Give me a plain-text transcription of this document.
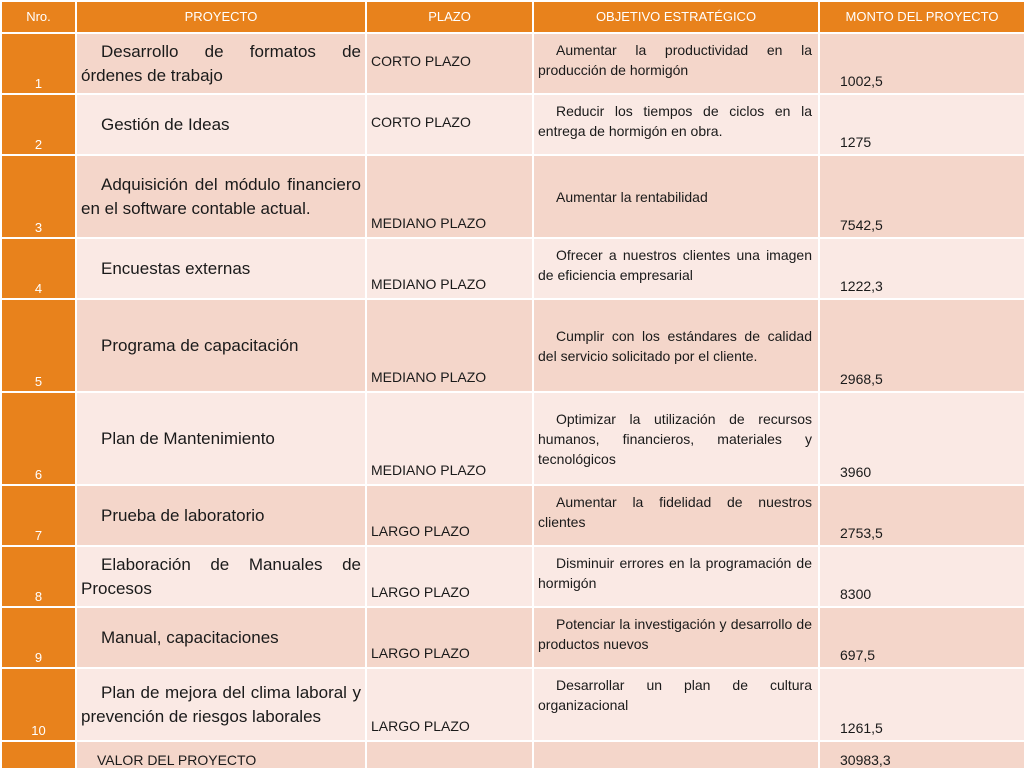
Nro.	PROYECTO	PLAZO	OBJETIVO ESTRATÉGICO	MONTO DEL PROYECTO
1	Desarrollo de formatos de órdenes de trabajo	CORTO PLAZO	Aumentar la productividad en la producción de hormigón	1002,5
2	Gestión de Ideas	CORTO PLAZO	Reducir los tiempos de ciclos en la entrega de hormigón en obra.	1275
3	Adquisición del módulo financiero en el software contable actual.	MEDIANO PLAZO	Aumentar la rentabilidad	7542,5
4	Encuestas externas	MEDIANO PLAZO	Ofrecer a nuestros clientes una imagen de eficiencia empresarial	1222,3
5	Programa de capacitación	MEDIANO PLAZO	Cumplir con los estándares de calidad del servicio solicitado por el cliente.	2968,5
6	Plan de Mantenimiento	MEDIANO PLAZO	Optimizar la utilización de recursos humanos, financieros, materiales y tecnológicos	3960
7	Prueba de laboratorio	LARGO PLAZO	Aumentar la fidelidad de nuestros clientes	2753,5
8	Elaboración de Manuales de Procesos	LARGO PLAZO	Disminuir errores en la programación de hormigón	8300
9	Manual, capacitaciones	LARGO PLAZO	Potenciar la investigación y desarrollo de productos nuevos	697,5
10	Plan de mejora del clima laboral y prevención de riesgos laborales	LARGO PLAZO	Desarrollar un plan de cultura organizacional	1261,5
	VALOR DEL PROYECTO			30983,3
